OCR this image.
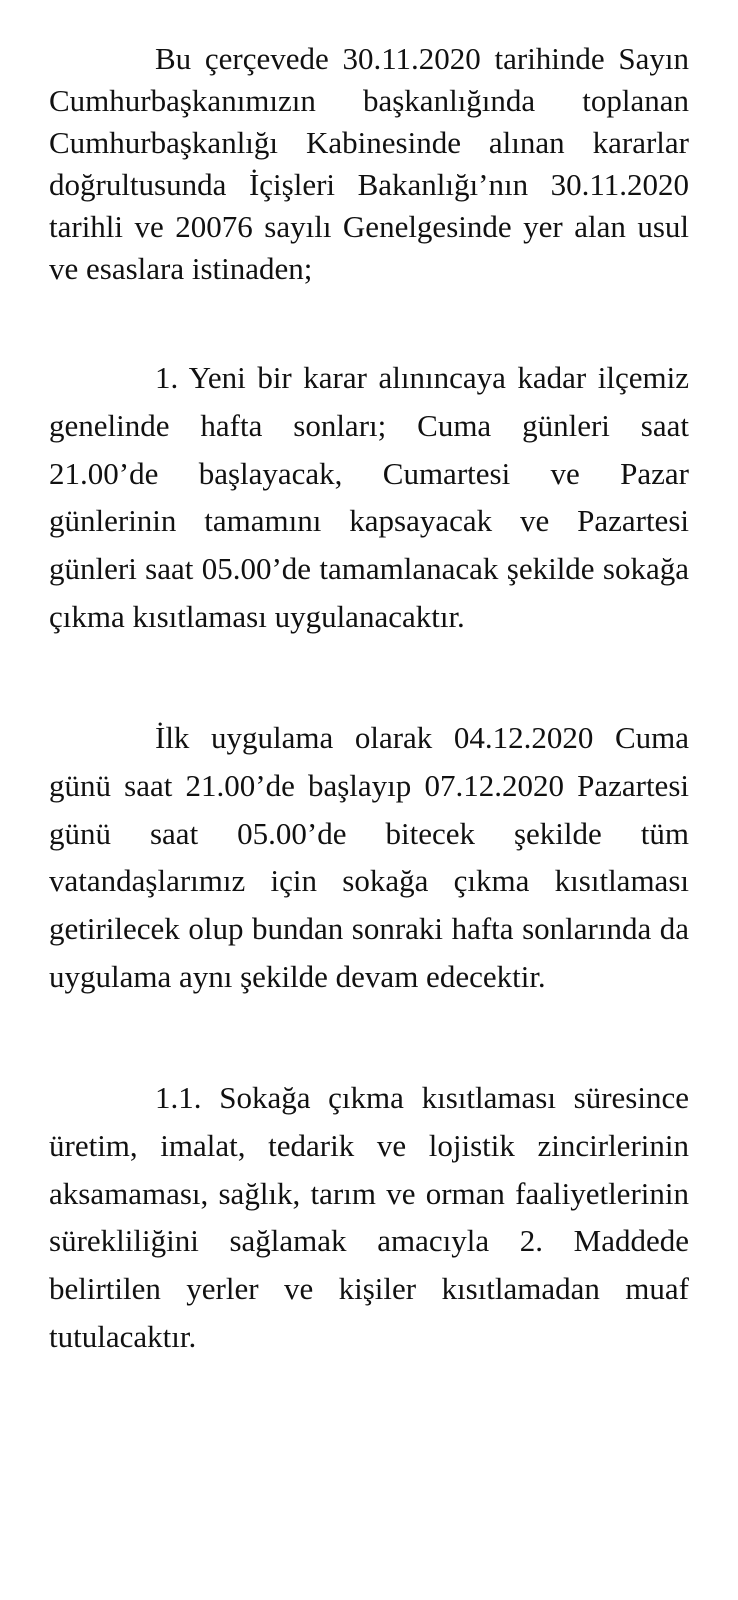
Bu çerçevede 30.11.2020 tarihinde Sayın Cumhurbaşkanımızın başkanlığında toplanan Cumhurbaşkanlığı Kabinesinde alınan kararlar doğrultusunda İçişleri Bakanlığı’nın 30.11.2020 tarihli ve 20076 sayılı Genelgesinde yer alan usul ve esaslara istinaden;

1. Yeni bir karar alınıncaya kadar ilçemiz genelinde hafta sonları; Cuma günleri saat 21.00’de başlayacak, Cumartesi ve Pazar günlerinin tamamını kapsayacak ve Pazartesi günleri saat 05.00’de tamamlanacak şekilde sokağa çıkma kısıtlaması uygulanacaktır.

İlk uygulama olarak 04.12.2020 Cuma günü saat 21.00’de başlayıp 07.12.2020 Pazartesi günü saat 05.00’de bitecek şekilde tüm vatandaşlarımız için sokağa çıkma kısıtlaması getirilecek olup bundan sonraki hafta sonlarında da uygulama aynı şekilde devam edecektir.

1.1. Sokağa çıkma kısıtlaması süresince üretim, imalat, tedarik ve lojistik zincirlerinin aksamaması, sağlık, tarım ve orman faaliyetlerinin sürekliliğini sağlamak amacıyla 2. Maddede belirtilen yerler ve kişiler kısıtlamadan muaf tutulacaktır.
